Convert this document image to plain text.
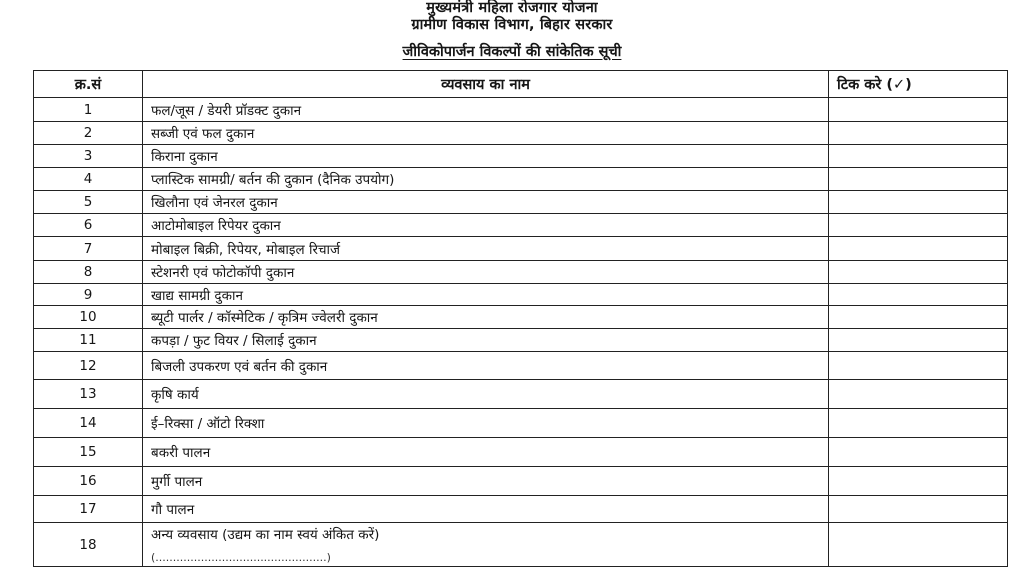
मुख्यमंत्री महिला रोजगार योजना
ग्रामीण विकास विभाग, बिहार सरकार
जीविकोपार्जन विकल्पों की सांकेतिक सूची
क्र.सं	व्यवसाय का नाम	टिक करे (✓)
1	फल/जूस / डेयरी प्रॉडक्ट दुकान	
2	सब्जी एवं फल दुकान	
3	किराना दुकान	
4	प्लास्टिक सामग्री/ बर्तन की दुकान (दैनिक उपयोग)	
5	खिलौना एवं जेनरल दुकान	
6	आटोमोबाइल रिपेयर दुकान	
7	मोबाइल बिक्री, रिपेयर, मोबाइल रिचार्ज	
8	स्टेशनरी एवं फोटोकॉपी दुकान	
9	खाद्य सामग्री दुकान	
10	ब्यूटी पार्लर / कॉस्मेटिक / कृत्रिम ज्वेलरी दुकान	
11	कपड़ा / फुट वियर / सिलाई दुकान	
12	बिजली उपकरण एवं बर्तन की दुकान	
13	कृषि कार्य	
14	ई–रिक्सा / ऑटो रिक्शा	
15	बकरी पालन	
16	मुर्गी पालन	
17	गौ पालन	
18	अन्य व्यवसाय (उद्यम का नाम स्वयं अंकित करें)
(.................................................)	
